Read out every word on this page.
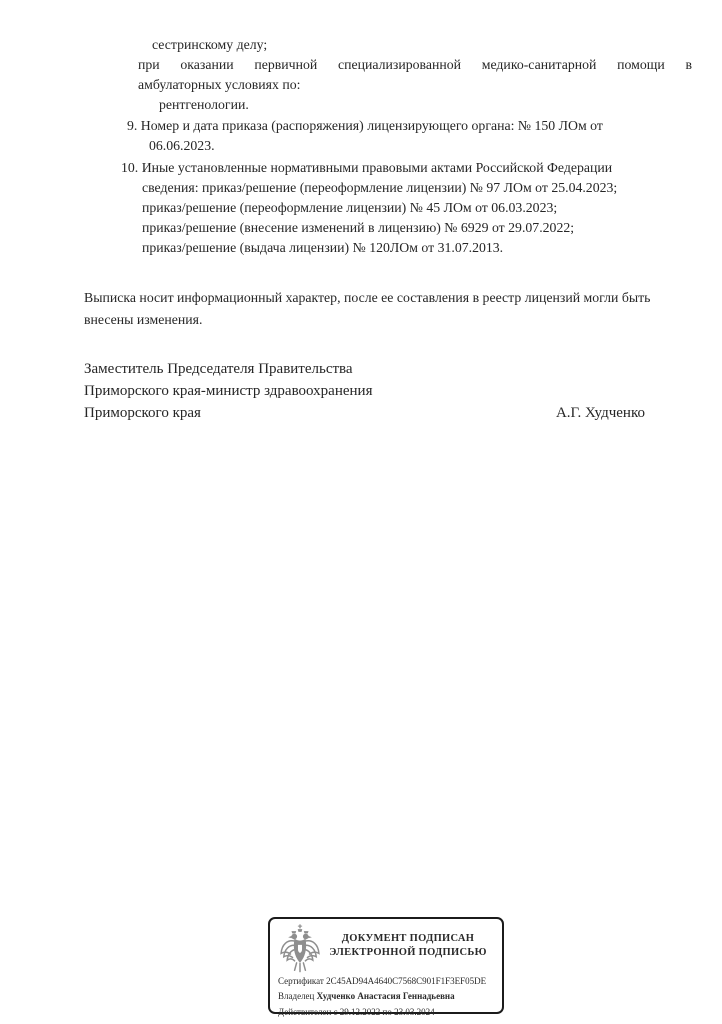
сестринскому делу;
при оказании первичной специализированной медико-санитарной помощи в
амбулаторных условиях по:
рентгенологии.
9. Номер и дата приказа (распоряжения) лицензирующего органа: № 150 ЛОм от
06.06.2023.
10. Иные установленные нормативными правовыми актами Российской Федерации
сведения: приказ/решение (переоформление лицензии) № 97 ЛОм от 25.04.2023;
приказ/решение (переоформление лицензии) № 45 ЛОм от 06.03.2023;
приказ/решение (внесение изменений в лицензию) № 6929 от 29.07.2022;
приказ/решение (выдача лицензии) № 120ЛОм от 31.07.2013.
Выписка носит информационный характер, после ее составления в реестр лицензий могли быть
внесены изменения.
Заместитель Председателя Правительства
Приморского края-министр здравоохранения
Приморского края	А.Г. Худченко
ДОКУМЕНТ ПОДПИСАН
ЭЛЕКТРОННОЙ ПОДПИСЬЮ
Сертификат 2C45AD94A4640C7568C901F1F3EF05DE
Владелец Худченко Анастасия Геннадьевна
Действителен с 29.12.2022 по 23.03.2024
